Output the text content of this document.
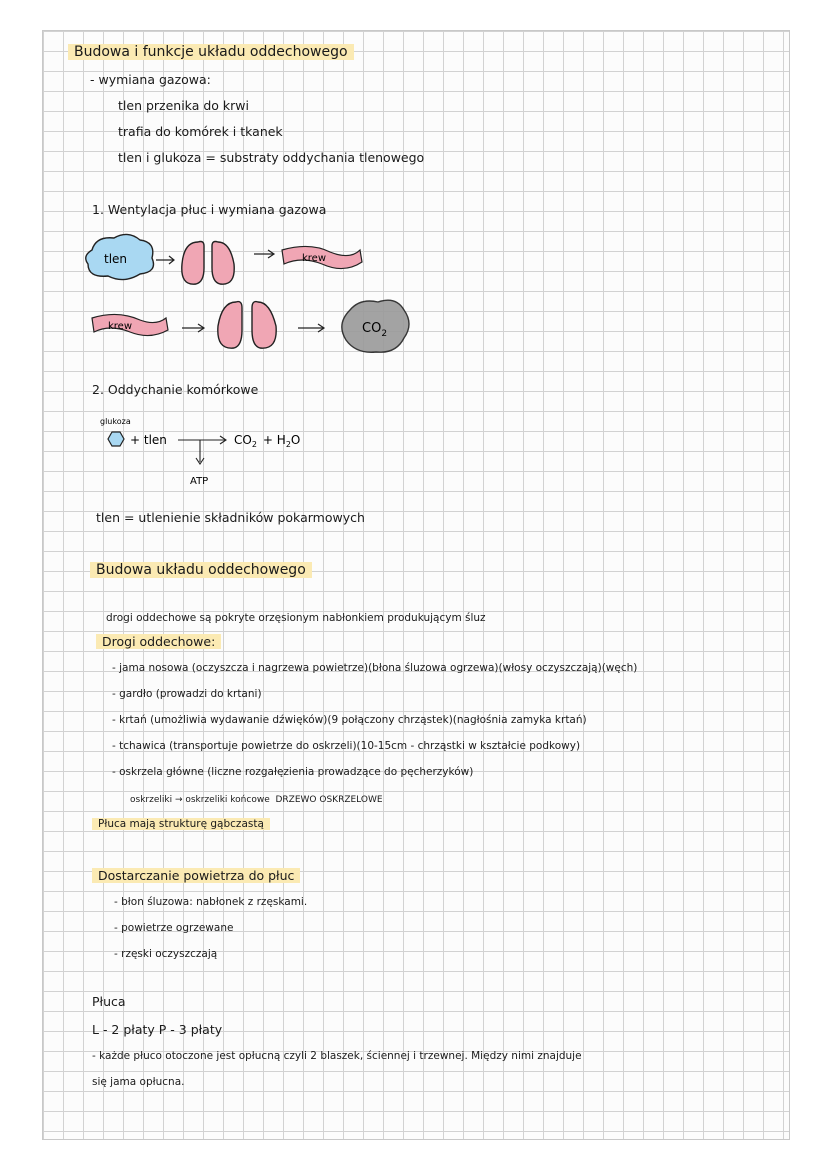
Budowa i funkcje układu oddechowego
- wymiana gazowa:
tlen przenika do krwi
trafia do komórek i tkanek
tlen i glukoza = substraty oddychania tlenowego
1. Wentylacja płuc i wymiana gazowa
tlen	krew
krew	$CO_2$
2. Oddychanie komórkowe
glukoza
+ tlen	$CO_2 + H_2O$
ATP
tlen = utlenienie składników pokarmowych
Budowa układu oddechowego
drogi oddechowe są pokryte orzęsionym nabłonkiem produkującym śluz
Drogi oddechowe:
- jama nosowa (oczyszcza i nagrzewa powietrze)(błona śluzowa ogrzewa)(włosy oczyszczają)(węch)
- gardło (prowadzi do krtani)
- krtań (umożliwia wydawanie dźwięków)(9 połączony chrząstek)(nagłośnia zamyka krtań)
- tchawica (transportuje powietrze do oskrzeli)(10-15cm - chrząstki w kształcie podkowy)
- oskrzela główne (liczne rozgałęzienia prowadzące do pęcherzyków)
oskrzeliki → oskrzeliki końcowe DRZEWO OSKRZELOWE
Płuca mają strukturę gąbczastą
Dostarczanie powietrza do płuc
- błon śluzowa: nabłonek z rzęskami.
- powietrze ogrzewane
- rzęski oczyszczają
Płuca
L - 2 płaty P - 3 płaty
- każde płuco otoczone jest opłucną czyli 2 blaszek, ściennej i trzewnej. Między nimi znajduje
się jama opłucna.
